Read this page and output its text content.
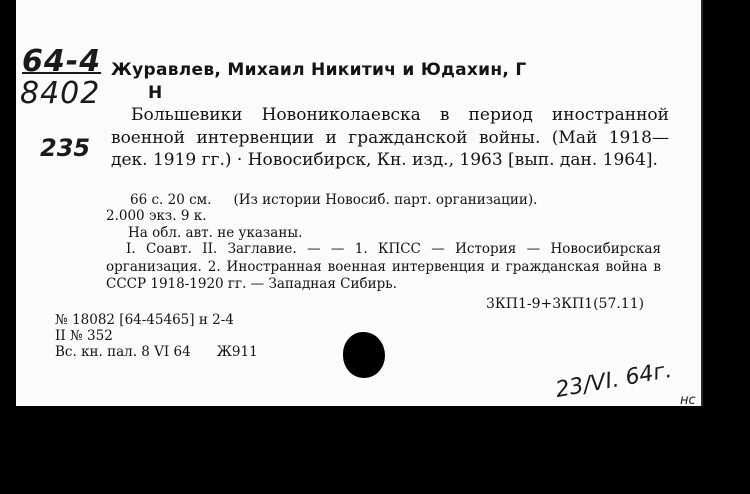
64-4
8402
235
Журавлев, Михаил Никитич и Юдахин, Г
Н
Большевики Новониколаевска в период иностранной военной интервенции и гражданской войны. (Май 1918— дек. 1919 гг.) · Новосибирск, Кн. изд., 1963 [вып. дан. 1964].
66 с. 20 см. (Из истории Новосиб. парт. организации).
2.000 экз. 9 к.
На обл. авт. не указаны.
I. Соавт. II. Заглавие. — — 1. КПСС — История — Новосибирская организация. 2. Иностранная военная интервенция и гражданская война в СССР 1918-1920 гг. — Западная Сибирь.
3КП1-9+3КП1(57.11)
№ 18082 [64-45465] н 2-4
II № 352
Вс. кн. пал. 8 VI 64 Ж911
23/VI. 64г. нс
